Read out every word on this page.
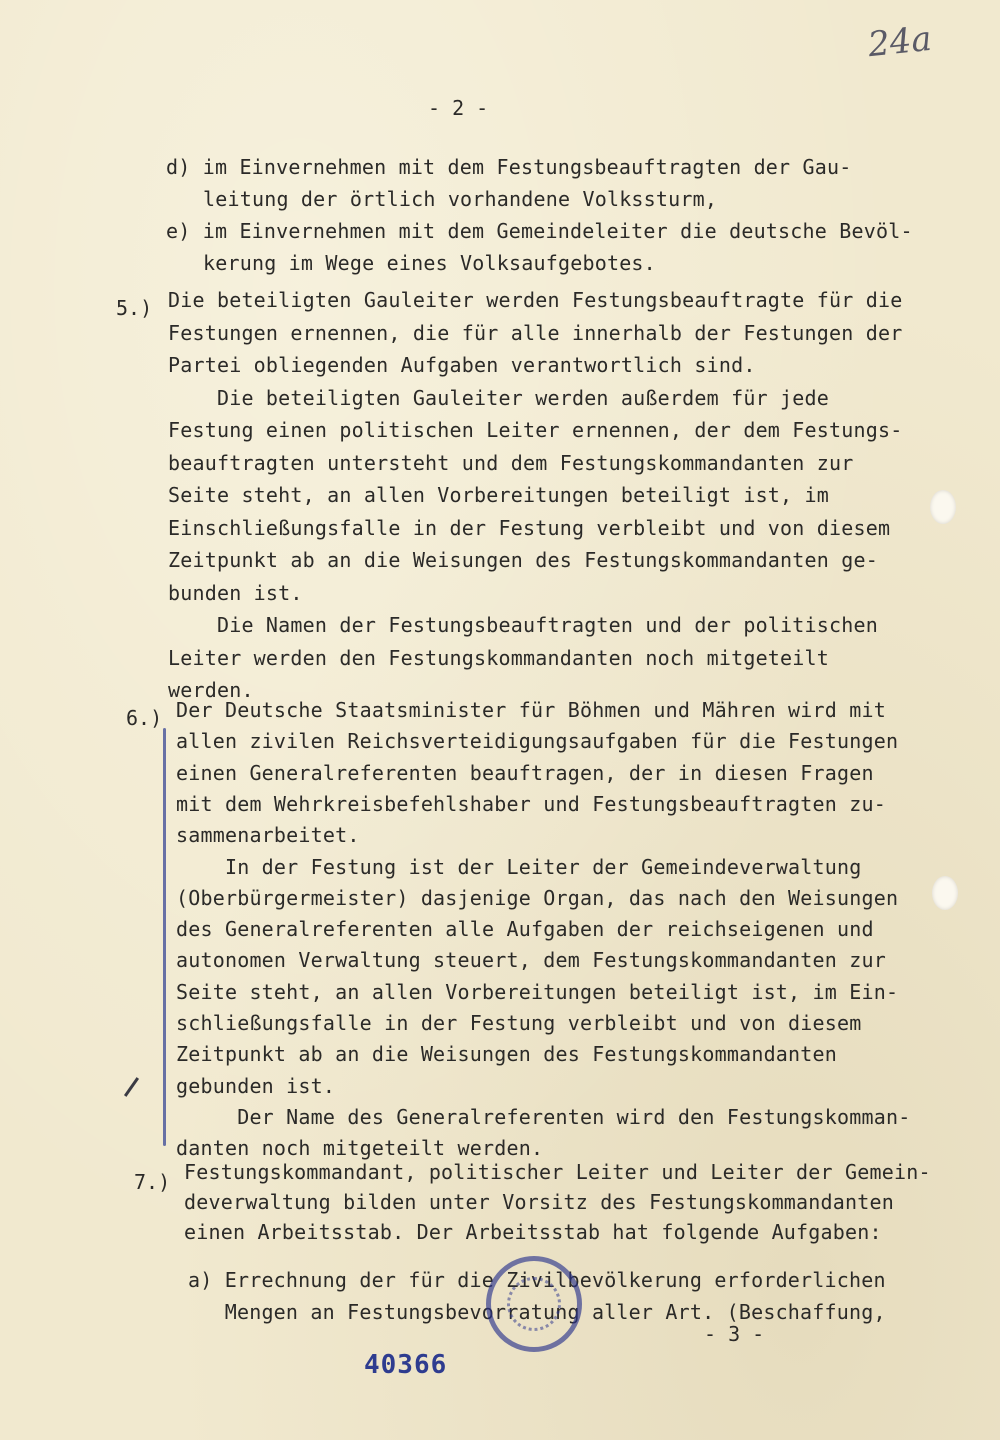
24a
- 2 -
d) im Einvernehmen mit dem Festungsbeauftragten der Gau-
leitung der örtlich vorhandene Volkssturm,
e) im Einvernehmen mit dem Gemeindeleiter die deutsche Bevöl-
kerung im Wege eines Volksaufgebotes.
5.) Die beteiligten Gauleiter werden Festungsbeauftragte für die
Festungen ernennen, die für alle innerhalb der Festungen der
Partei obliegenden Aufgaben verantwortlich sind.
Die beteiligten Gauleiter werden außerdem für jede
Festung einen politischen Leiter ernennen, der dem Festungs-
beauftragten untersteht und dem Festungskommandanten zur
Seite steht, an allen Vorbereitungen beteiligt ist, im
Einschließungsfalle in der Festung verbleibt und von diesem
Zeitpunkt ab an die Weisungen des Festungskommandanten ge-
bunden ist.
Die Namen der Festungsbeauftragten und der politischen
Leiter werden den Festungskommandanten noch mitgeteilt
werden.
6.) Der Deutsche Staatsminister für Böhmen und Mähren wird mit
allen zivilen Reichsverteidigungsaufgaben für die Festungen
einen Generalreferenten beauftragen, der in diesen Fragen
mit dem Wehrkreisbefehlshaber und Festungsbeauftragten zu-
sammenarbeitet.
In der Festung ist der Leiter der Gemeindeverwaltung
(Oberbürgermeister) dasjenige Organ, das nach den Weisungen
des Generalreferenten alle Aufgaben der reichseigenen und
autonomen Verwaltung steuert, dem Festungskommandanten zur
Seite steht, an allen Vorbereitungen beteiligt ist, im Ein-
schließungsfalle in der Festung verbleibt und von diesem
Zeitpunkt ab an die Weisungen des Festungskommandanten
gebunden ist.
Der Name des Generalreferenten wird den Festungskomman-
danten noch mitgeteilt werden.
7.) Festungskommandant, politischer Leiter und Leiter der Gemein-
deverwaltung bilden unter Vorsitz des Festungskommandanten
einen Arbeitsstab. Der Arbeitsstab hat folgende Aufgaben:
a) Errechnung der für die Zivilbevölkerung erforderlichen
Mengen an Festungsbevorratung aller Art. (Beschaffung,
- 3 -
40366
